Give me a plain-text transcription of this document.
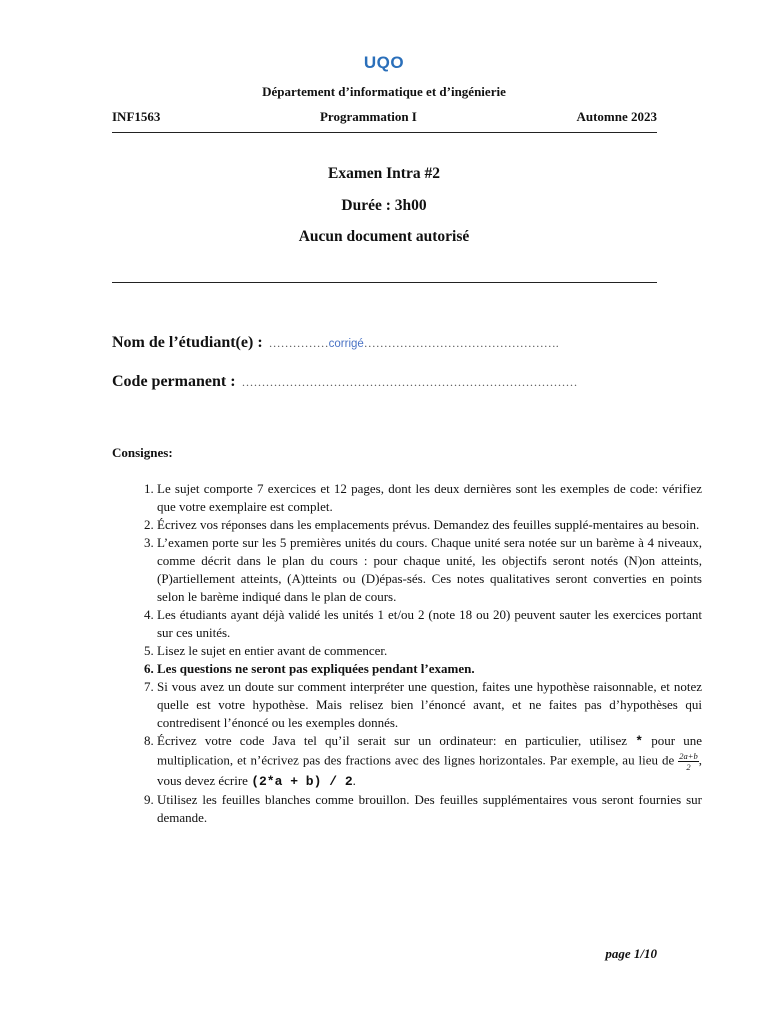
UQO
Département d’informatique et d’ingénierie
INF1563	Programmation I	Automne 2023
Examen Intra #2
Durée : 3h00
Aucun document autorisé
Nom de l’étudiant(e) : ……………corrigé………………………………………….
Code permanent : …………………………………………………………………………
Consignes:
1. Le sujet comporte 7 exercices et 12 pages, dont les deux dernières sont les exemples de code: vérifiez que votre exemplaire est complet.
2. Écrivez vos réponses dans les emplacements prévus. Demandez des feuilles supplé-mentaires au besoin.
3. L’examen porte sur les 5 premières unités du cours. Chaque unité sera notée sur un barème à 4 niveaux, comme décrit dans le plan du cours : pour chaque unité, les objectifs seront notés (N)on atteints, (P)artiellement atteints, (A)tteints ou (D)épas-sés. Ces notes qualitatives seront converties en points selon le barème indiqué dans le plan de cours.
4. Les étudiants ayant déjà validé les unités 1 et/ou 2 (note 18 ou 20) peuvent sauter les exercices portant sur ces unités.
5. Lisez le sujet en entier avant de commencer.
6. Les questions ne seront pas expliquées pendant l’examen.
7. Si vous avez un doute sur comment interpréter une question, faites une hypothèse raisonnable, et notez quelle est votre hypothèse. Mais relisez bien l’énoncé avant, et ne faites pas d’hypothèses qui contredisent l’énoncé ou les exemples donnés.
8. Écrivez votre code Java tel qu’il serait sur un ordinateur: en particulier, utilisez * pour une multiplication, et n’écrivez pas des fractions avec des lignes horizontales. Par exemple, au lieu de $\frac{2a+b}{2}$ , vous devez écrire (2*a + b) / 2.
9. Utilisez les feuilles blanches comme brouillon. Des feuilles supplémentaires vous seront fournies sur demande.
page 1/10
